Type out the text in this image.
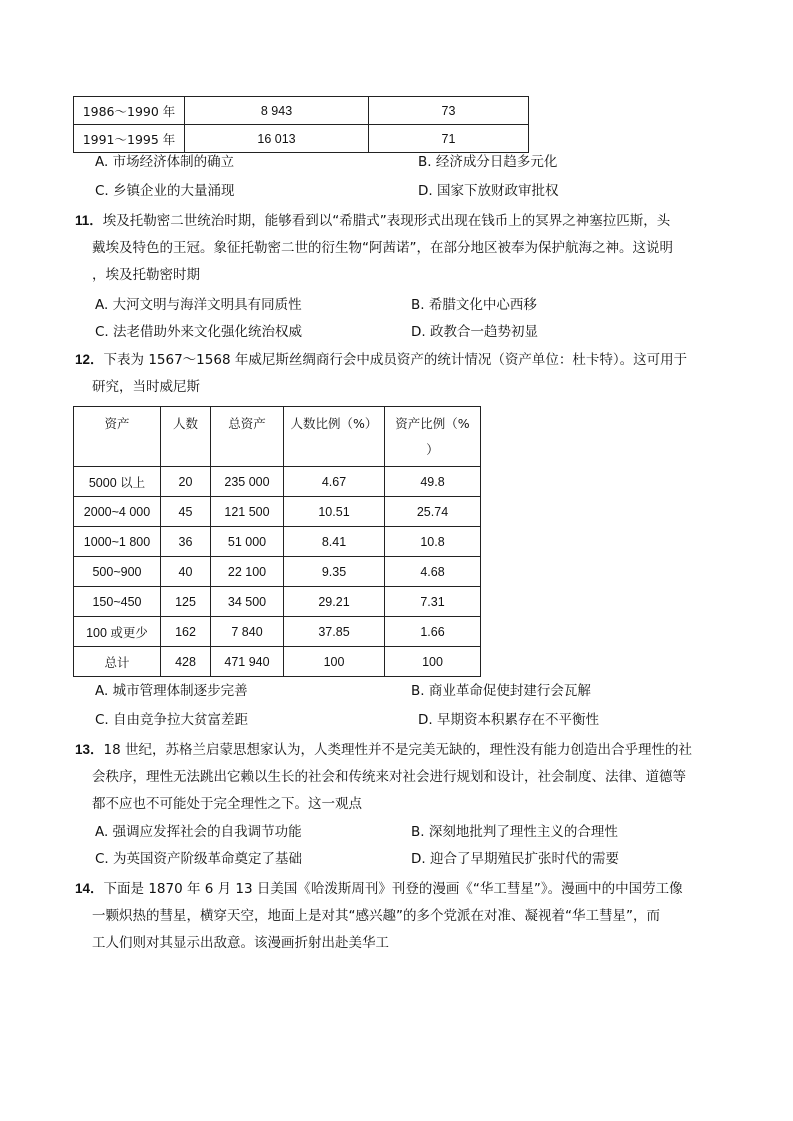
1986～1990 年	8 943	73
1991～1995 年	16 013	71
A. 市场经济体制的确立	B. 经济成分日趋多元化
C. 乡镇企业的大量涌现	D. 国家下放财政审批权
11．埃及托勒密二世统治时期，能够看到以“希腊式”表现形式出现在钱币上的冥界之神塞拉匹斯，头
戴埃及特色的王冠。象征托勒密二世的衍生物“阿茜诺”，在部分地区被奉为保护航海之神。这说明
，埃及托勒密时期
A. 大河文明与海洋文明具有同质性	B. 希腊文化中心西移
C. 法老借助外来文化强化统治权威	D. 政教合一趋势初显
12．下表为 1567～1568 年威尼斯丝绸商行会中成员资产的统计情况（资产单位：杜卡特）。这可用于
研究，当时威尼斯
资产	人数	总资产	人数比例（%）	资产比例（%
）
5000 以上	20	235 000	4.67	49.8
2000~4 000	45	121 500	10.51	25.74
1000~1 800	36	51 000	8.41	10.8
500~900	40	22 100	9.35	4.68
150~450	125	34 500	29.21	7.31
100 或更少	162	7 840	37.85	1.66
总计	428	471 940	100	100
A. 城市管理体制逐步完善	B. 商业革命促使封建行会瓦解
C. 自由竞争拉大贫富差距	D. 早期资本积累存在不平衡性
13．18 世纪，苏格兰启蒙思想家认为，人类理性并不是完美无缺的，理性没有能力创造出合乎理性的社
会秩序，理性无法跳出它赖以生长的社会和传统来对社会进行规划和设计，社会制度、法律、道德等
都不应也不可能处于完全理性之下。这一观点
A. 强调应发挥社会的自我调节功能	B. 深刻地批判了理性主义的合理性
C. 为英国资产阶级革命奠定了基础	D. 迎合了早期殖民扩张时代的需要
14．下面是 1870 年 6 月 13 日美国《哈泼斯周刊》刊登的漫画《“华工彗星”》。漫画中的中国劳工像
一颗炽热的彗星，横穿天空，地面上是对其“感兴趣”的多个党派在对准、凝视着“华工彗星”，而
工人们则对其显示出敌意。该漫画折射出赴美华工
